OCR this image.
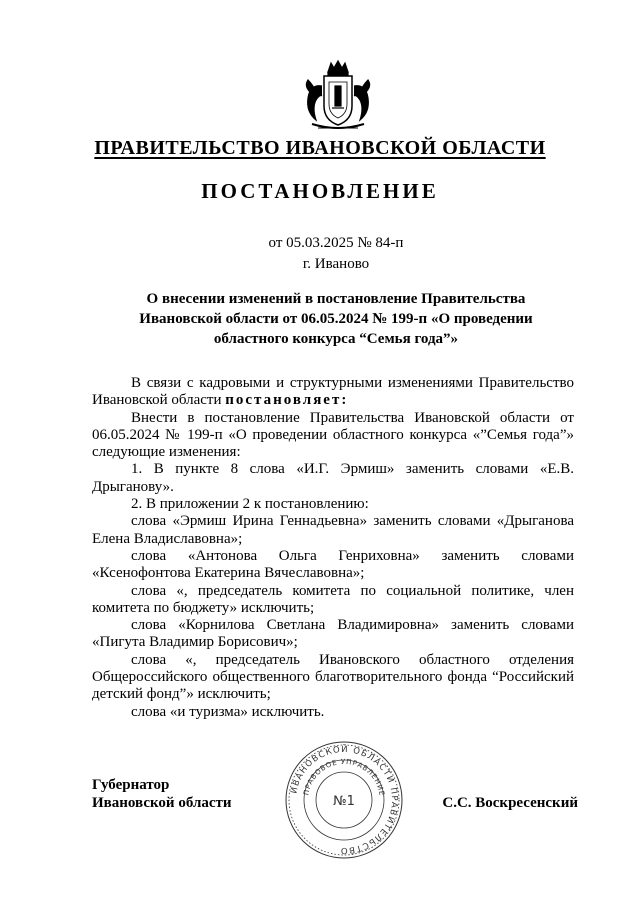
ПРАВИТЕЛЬСТВО ИВАНОВСКОЙ ОБЛАСТИ
ПОСТАНОВЛЕНИЕ
от 05.03.2025 № 84-п
г. Иваново
О внесении изменений в постановление Правительства Ивановской области от 06.05.2024 № 199-п «О проведении областного конкурса “Семья года”»

В связи с кадровыми и структурными изменениями Правительство Ивановской области постановляет:

Внести в постановление Правительства Ивановской области от 06.05.2024 № 199-п «О проведении областного конкурса «”Семья года”» следующие изменения:

1. В пункте 8 слова «И.Г. Эрмиш» заменить словами «Е.В. Дрыганову».

2. В приложении 2 к постановлению:

слова «Эрмиш Ирина Геннадьевна» заменить словами «Дрыганова Елена Владиславовна»;

слова «Антонова Ольга Генриховна» заменить словами «Ксенофонтова Екатерина Вячеславовна»;

слова «, председатель комитета по социальной политике, член комитета по бюджету» исключить;

слова «Корнилова Светлана Владимировна» заменить словами «Пигута Владимир Борисович»;

слова «, председатель Ивановского областного отделения Общероссийского общественного благотворительного фонда “Российский детский фонд”» исключить;

слова «и туризма» исключить.

ИВАНОВСКОЙ ОБЛАСТИ ПРАВИТЕЛЬСТВО
ПРАВОВОЕ УПРАВЛЕНИЕ
№1
Губернатор
Ивановской области	С.С. Воскресенский
